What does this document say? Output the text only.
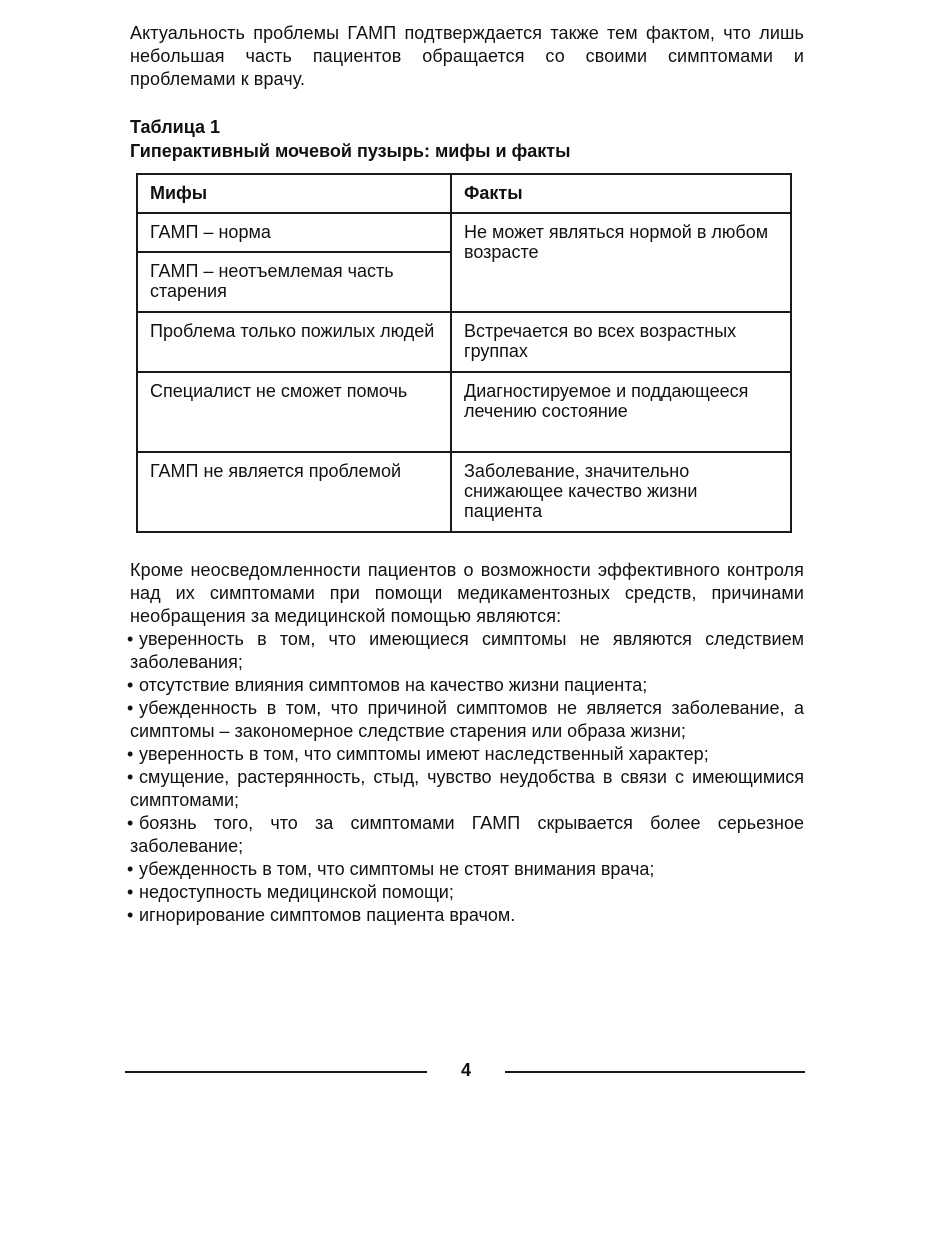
Актуальность проблемы ГАМП подтверждается также тем фактом, что лишь небольшая часть пациентов обращается со своими симптомами и проблемами к врачу.

Таблица 1
Гиперактивный мочевой пузырь: мифы и факты
Мифы	Факты
ГАМП – норма	Не может являться нормой в любом возрасте
ГАМП – неотъемлемая часть старения	
Проблема только пожилых людей	Встречается во всех возрастных группах
Специалист не сможет помочь	Диагностируемое и поддающееся лечению состояние
ГАМП не является проблемой	Заболевание, значительно снижающее качество жизни пациента

Кроме неосведомленности пациентов о возможности эффективного контроля над их симптомами при помощи медикаментозных средств, причинами необращения за медицинской помощью являются:

• уверенность в том, что имеющиеся симптомы не являются следствием заболевания;
• отсутствие влияния симптомов на качество жизни пациента;
• убежденность в том, что причиной симптомов не является заболевание, а симптомы – закономерное следствие старения или образа жизни;
• уверенность в том, что симптомы имеют наследственный характер;
• смущение, растерянность, стыд, чувство неудобства в связи с имеющимися симптомами;
• боязнь того, что за симптомами ГАМП скрывается более серьезное заболевание;
• убежденность в том, что симптомы не стоят внимания врача;
• недоступность медицинской помощи;
• игнорирование симптомов пациента врачом.
4
